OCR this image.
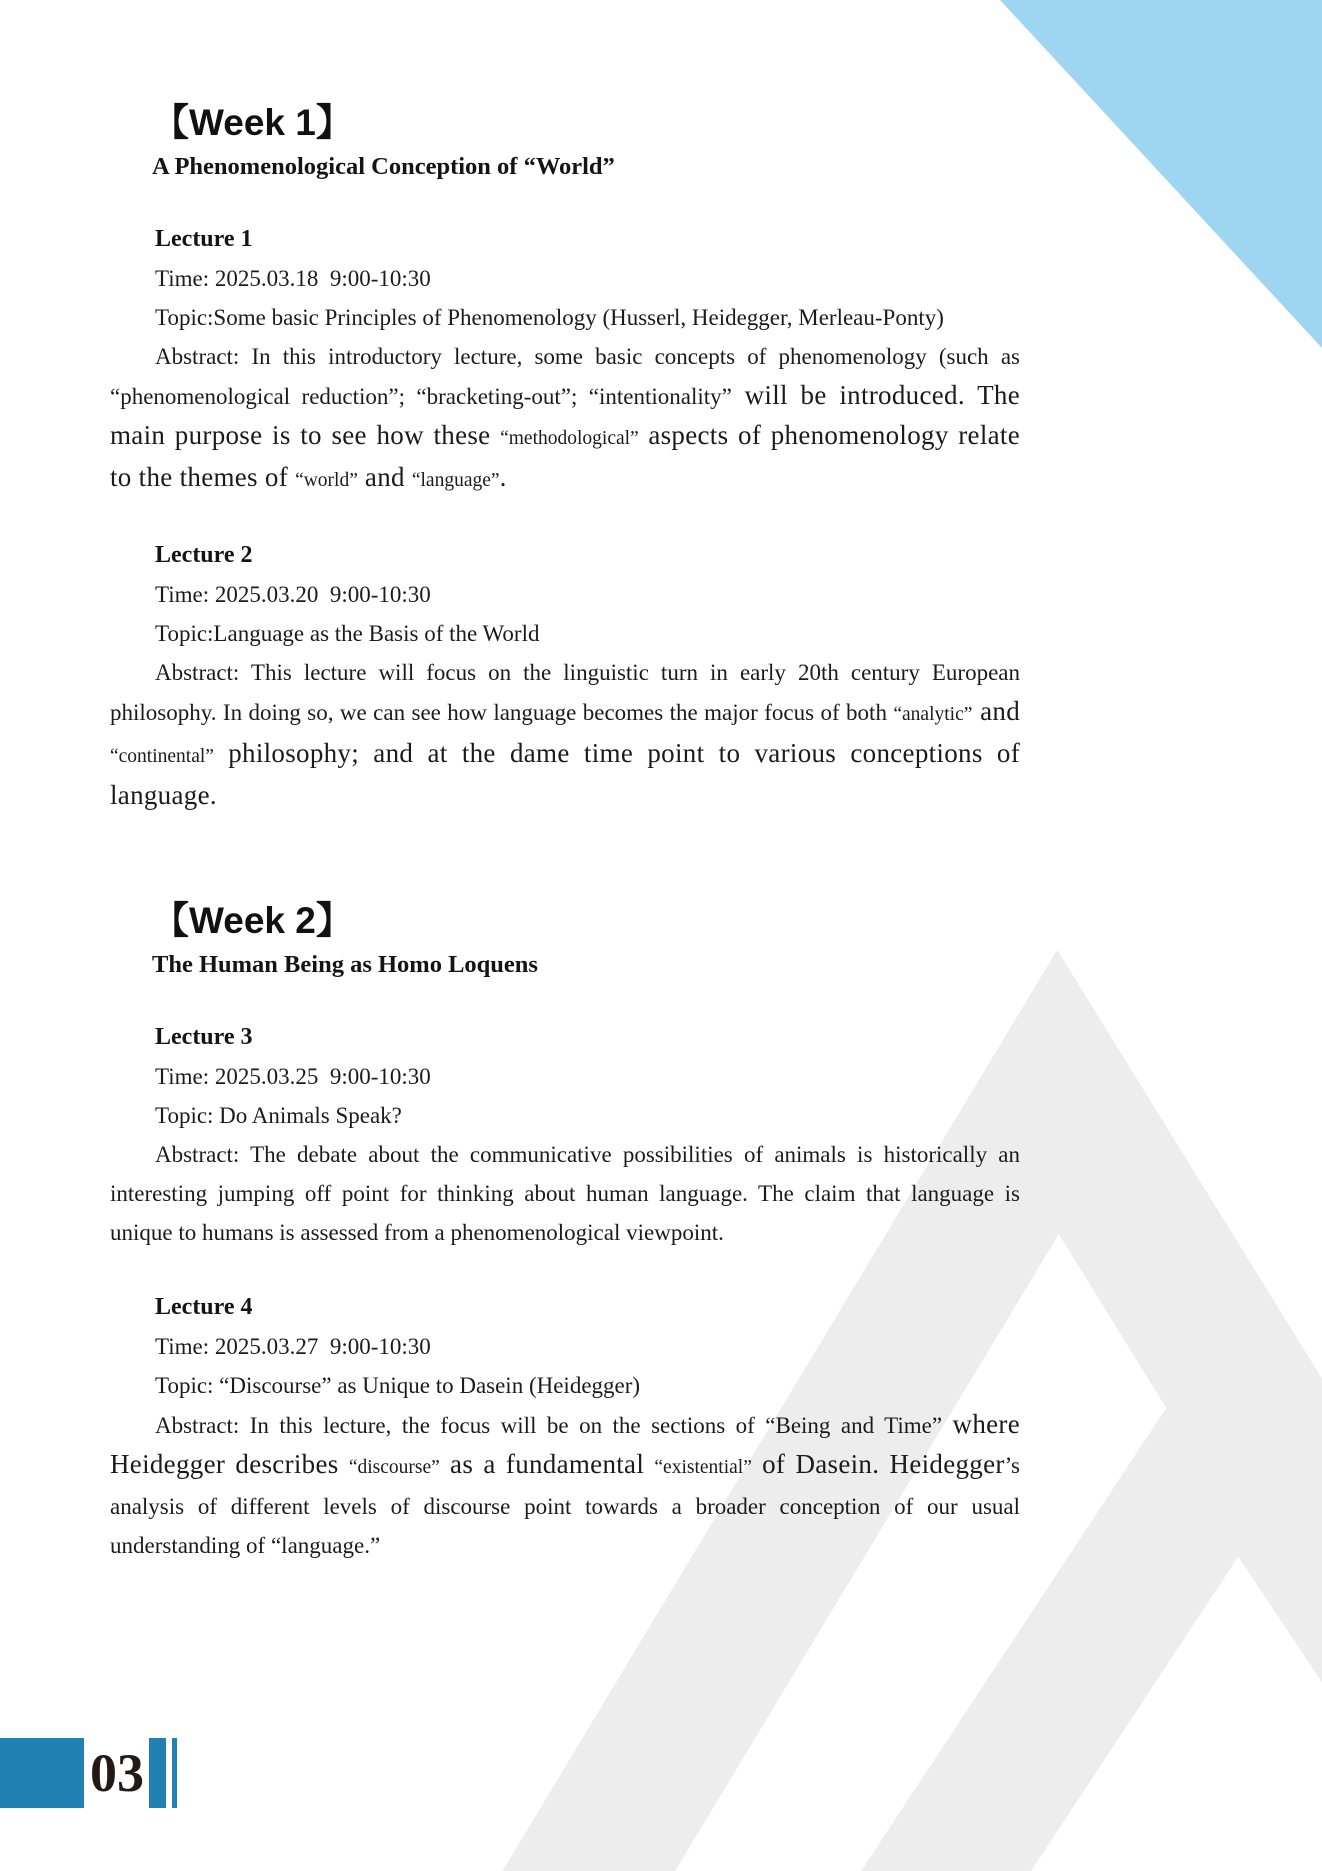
【Week 1】
A Phenomenological Conception of “World”
Lecture 1
Time: 2025.03.18  9:00-10:30

Topic:Some basic Principles of Phenomenology (Husserl, Heidegger, Merleau-Ponty)

Abstract: In this introductory lecture, some basic concepts of phenomenology (such as “phenomenological reduction”; “bracketing-out”; “intentionality” will be introduced. The main purpose is to see how these “methodological” aspects of phenomenology relate to the themes of “world” and “language”.

Lecture 2
Time: 2025.03.20  9:00-10:30

Topic:Language as the Basis of the World

Abstract: This lecture will focus on the linguistic turn in early 20th century European philosophy. In doing so, we can see how language becomes the major focus of both “analytic” and “continental” philosophy; and at the dame time point to various conceptions of language.

【Week 2】
The Human Being as Homo Loquens
Lecture 3
Time: 2025.03.25  9:00-10:30

Topic: Do Animals Speak?

Abstract: The debate about the communicative possibilities of animals is historically an interesting jumping off point for thinking about human language. The claim that language is unique to humans is assessed from a phenomenological viewpoint.

Lecture 4
Time: 2025.03.27  9:00-10:30

Topic: “Discourse” as Unique to Dasein (Heidegger)

Abstract: In this lecture, the focus will be on the sections of “Being and Time” where Heidegger describes “discourse” as a fundamental “existential” of Dasein. Heidegger’s analysis of different levels of discourse point towards a broader conception of our usual understanding of “language.”

03
